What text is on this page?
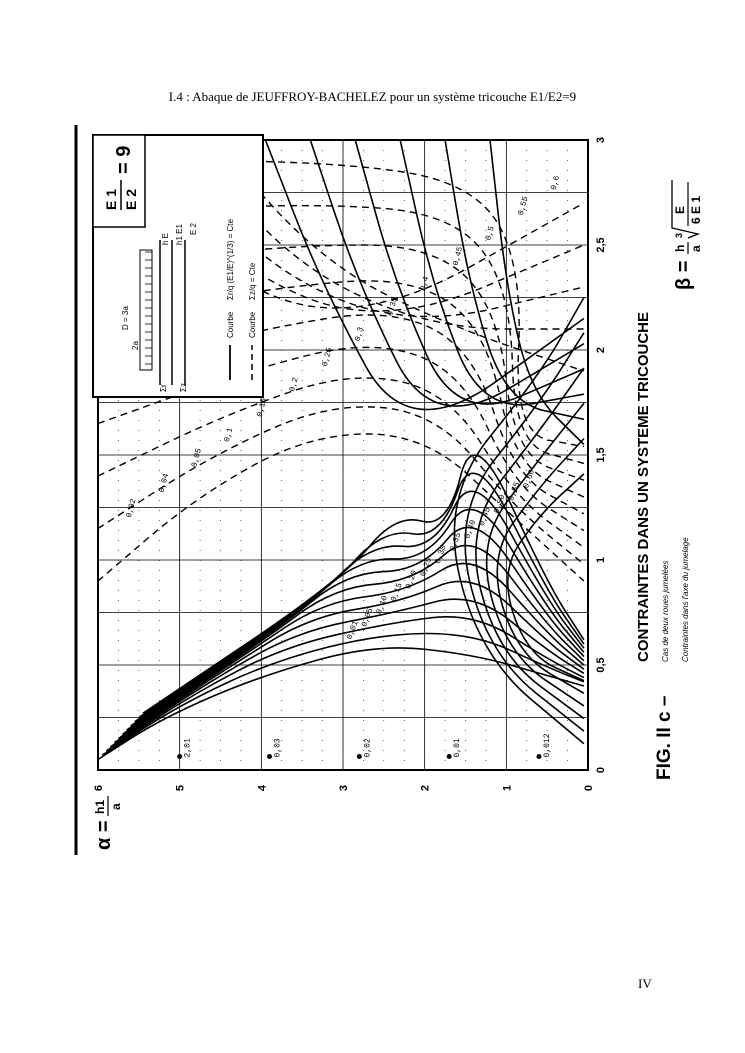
I.4 : Abaque de JEUFFROY-BACHELEZ pour un système tricouche E1/E2=9
0
1
2
3
4
5
6
0
0,5
1
1,5
2
2,5
3
0,01
0,05
0,10
0,15
0,20
0,25
0,30
0,35
0,40
0,45
0,50
0,55
0,60
0,02
0,04
0,05
0,1
0,15
0,2
0,25
0,3
0,35
0,4
0,45
0,5
0,55
0,6
0,012
0,01
0,02
0,03
2,01
E 1 E 2
= 9
D = 3a
2a
h E h1 E1 E 2
Σr Σz
Courbe
Σr/q (E1/E)^(1/3) = Cte
Courbe
Σz/q = Cte
CONTRAINTES DANS UN SYSTEME TRICOUCHE Cas de deux roues jumelées Contraintes dans l'axe du jumelage
FIG. II c –
β =
h a
3
E 6 E 1
α =
h1 a
IV
